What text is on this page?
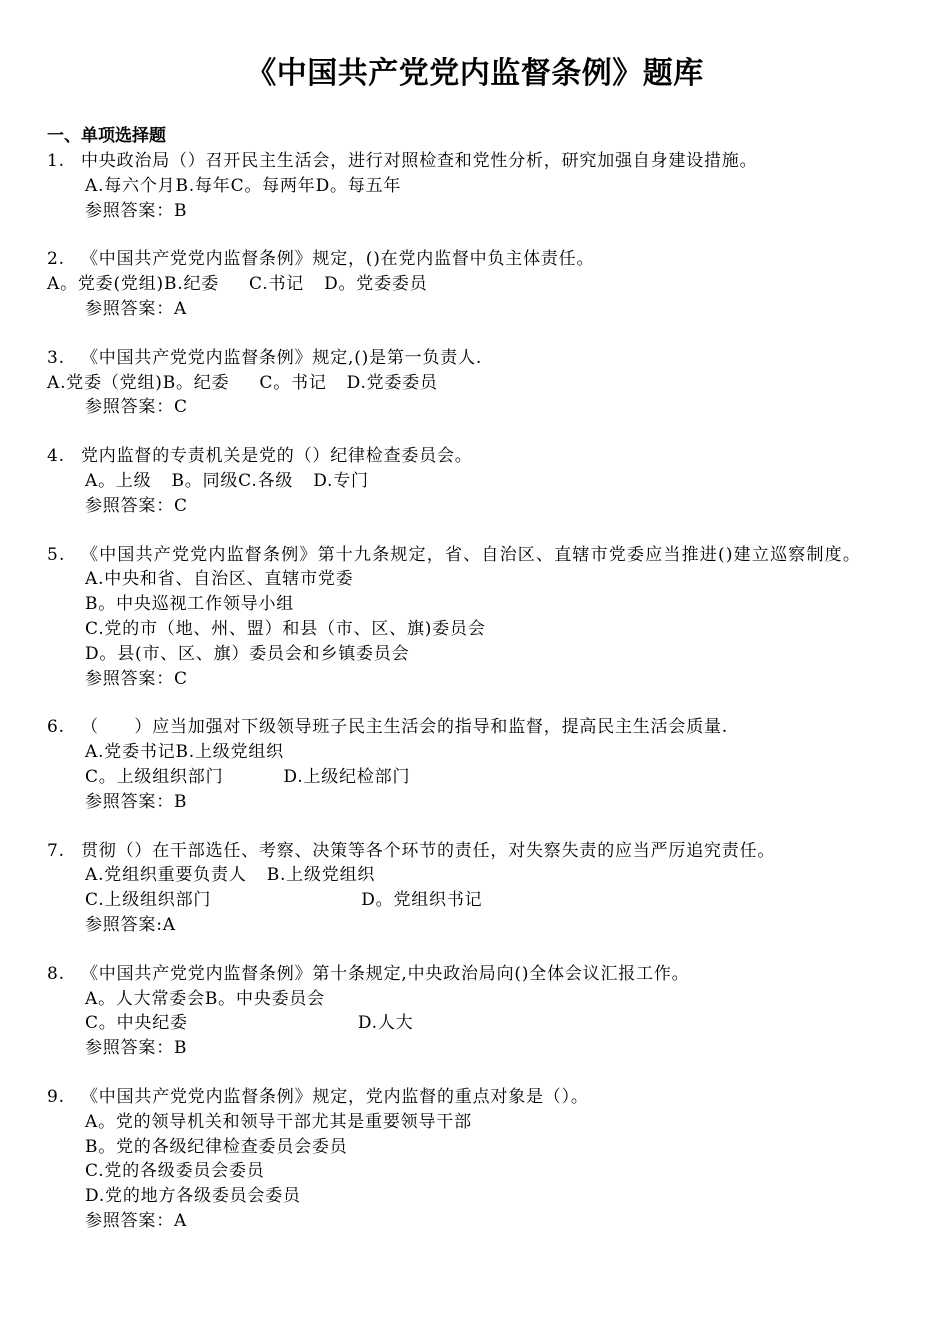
《中国共产党党内监督条例》题库
一、单项选择题
1. 中央政治局（）召开民主生活会，进行对照检查和党性分析，研究加强自身建设措施。
A.每六个月B.每年C。每两年D。每五年
参照答案：B
2. 《中国共产党党内监督条例》规定，()在党内监督中负主体责任。
A。党委(党组)B.纪委 C.书记 D。党委委员
参照答案：A
3. 《中国共产党党内监督条例》规定,()是第一负责人.
A.党委（党组)B。纪委 C。书记 D.党委委员
参照答案：C
4. 党内监督的专责机关是党的（）纪律检查委员会。
A。上级 B。同级C.各级 D.专门
参照答案：C
5. 《中国共产党党内监督条例》第十九条规定，省、自治区、直辖市党委应当推进()建立巡察制度。
A.中央和省、自治区、直辖市党委
B。中央巡视工作领导小组
C.党的市（地、州、盟）和县（市、区、旗)委员会
D。县(市、区、旗）委员会和乡镇委员会
参照答案：C
6. （　　）应当加强对下级领导班子民主生活会的指导和监督，提高民主生活会质量.
A.党委书记B.上级党组织
C。上级组织部门	D.上级纪检部门
参照答案：B
7. 贯彻（）在干部选任、考察、决策等各个环节的责任，对失察失责的应当严厉追究责任。
A.党组织重要负责人 B.上级党组织
C.上级组织部门	D。党组织书记
参照答案:A
8. 《中国共产党党内监督条例》第十条规定,中央政治局向()全体会议汇报工作。
A。人大常委会B。中央委员会
C。中央纪委	D.人大
参照答案：B
9. 《中国共产党党内监督条例》规定，党内监督的重点对象是（）。
A。党的领导机关和领导干部尤其是重要领导干部
B。党的各级纪律检查委员会委员
C.党的各级委员会委员
D.党的地方各级委员会委员
参照答案：A
